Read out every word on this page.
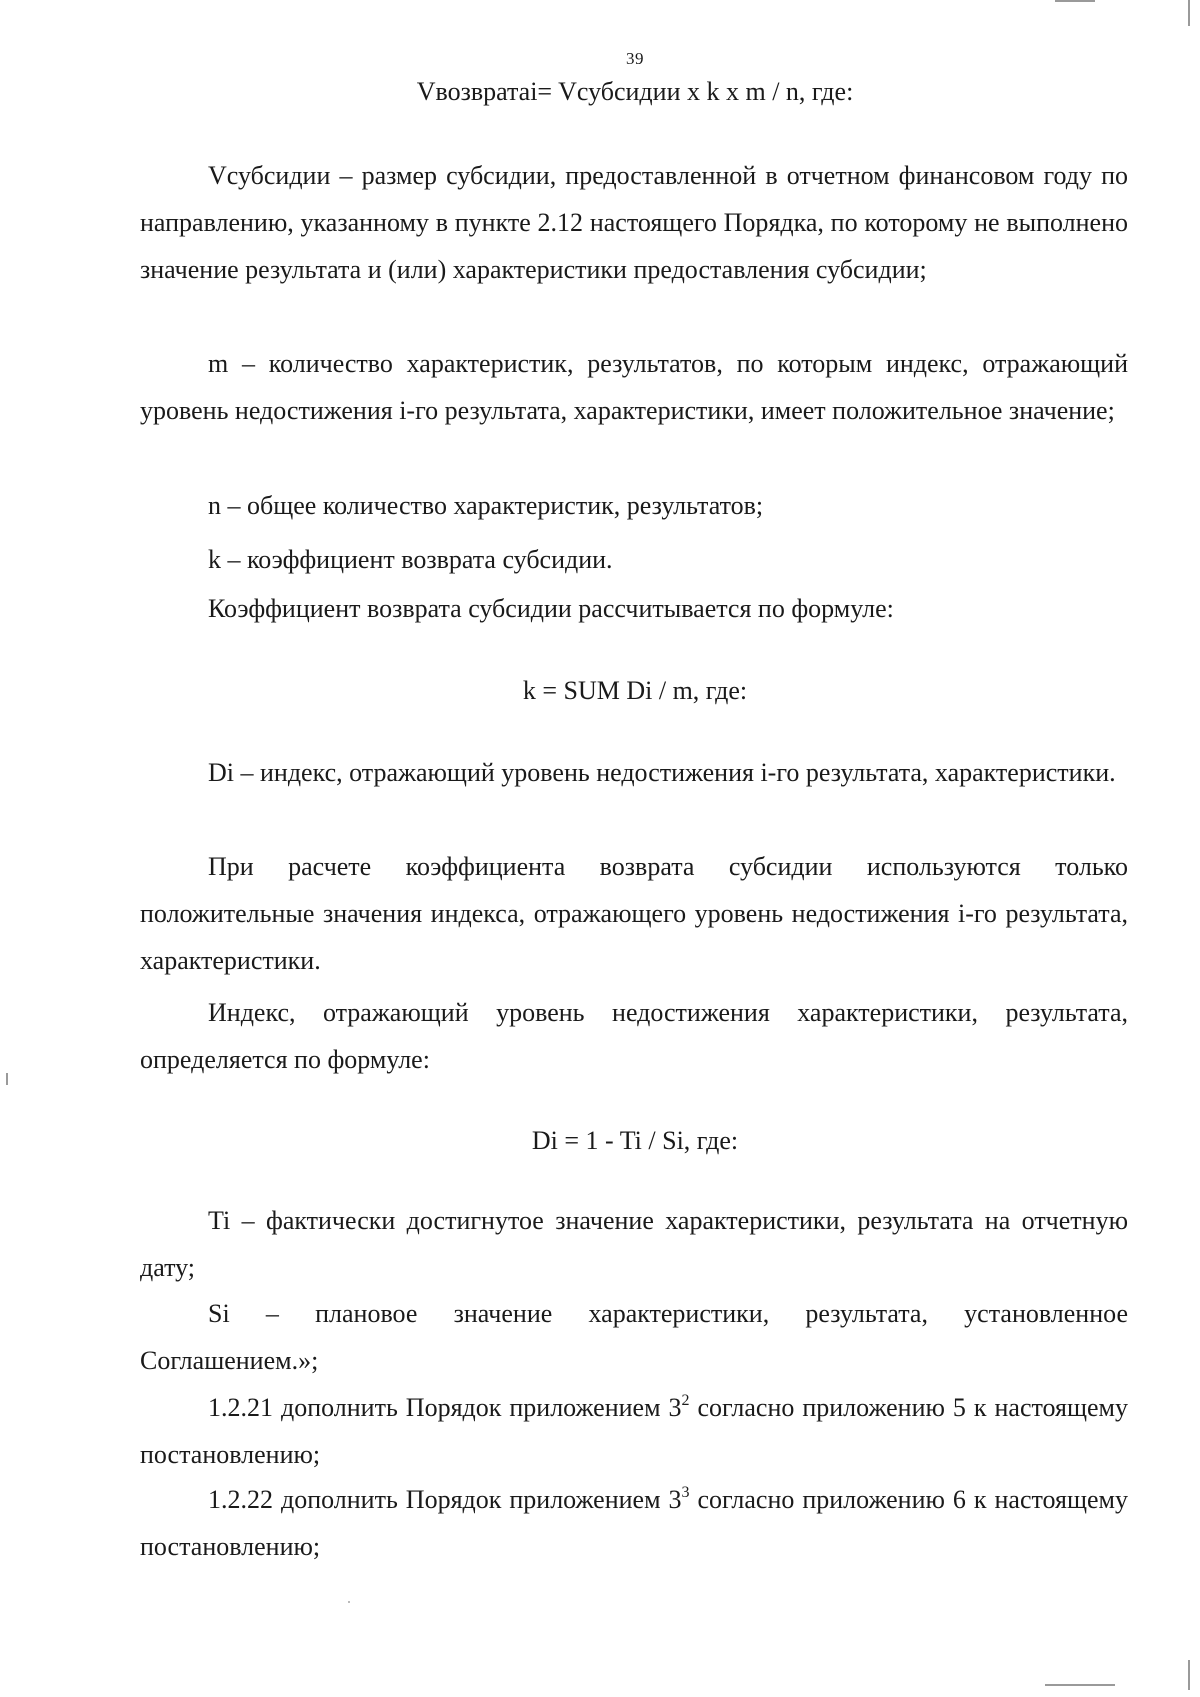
39
Vвозвратаi= Vсубсидии х k х m / n, где:

Vсубсидии – размер субсидии, предоставленной в отчетном финансовом году по направлению, указанному в пункте 2.12 настоящего Порядка, по которому не выполнено значение результата и (или) характеристики предоставления субсидии;

m – количество характеристик, результатов, по которым индекс, отражающий уровень недостижения i-го результата, характеристики, имеет положительное значение;

n – общее количество характеристик, результатов;

k – коэффициент возврата субсидии.

Коэффициент возврата субсидии рассчитывается по формуле:

k = SUM Di / m, где:

Di – индекс, отражающий уровень недостижения i-го результата, характеристики.

При расчете коэффициента возврата субсидии используются только положительные значения индекса, отражающего уровень недостижения i-го результата, характеристики.

Индекс, отражающий уровень недостижения характеристики, результата, определяется по формуле:

Di = 1 - Ti / Si, где:

Ti – фактически достигнутое значение характеристики, результата на отчетную дату;

Si – плановое значение характеристики, результата, установленное Соглашением.»;

1.2.21 дополнить Порядок приложением $3^2$ согласно приложению 5 к настоящему постановлению;

1.2.22 дополнить Порядок приложением $3^3$ согласно приложению 6 к настоящему постановлению;
